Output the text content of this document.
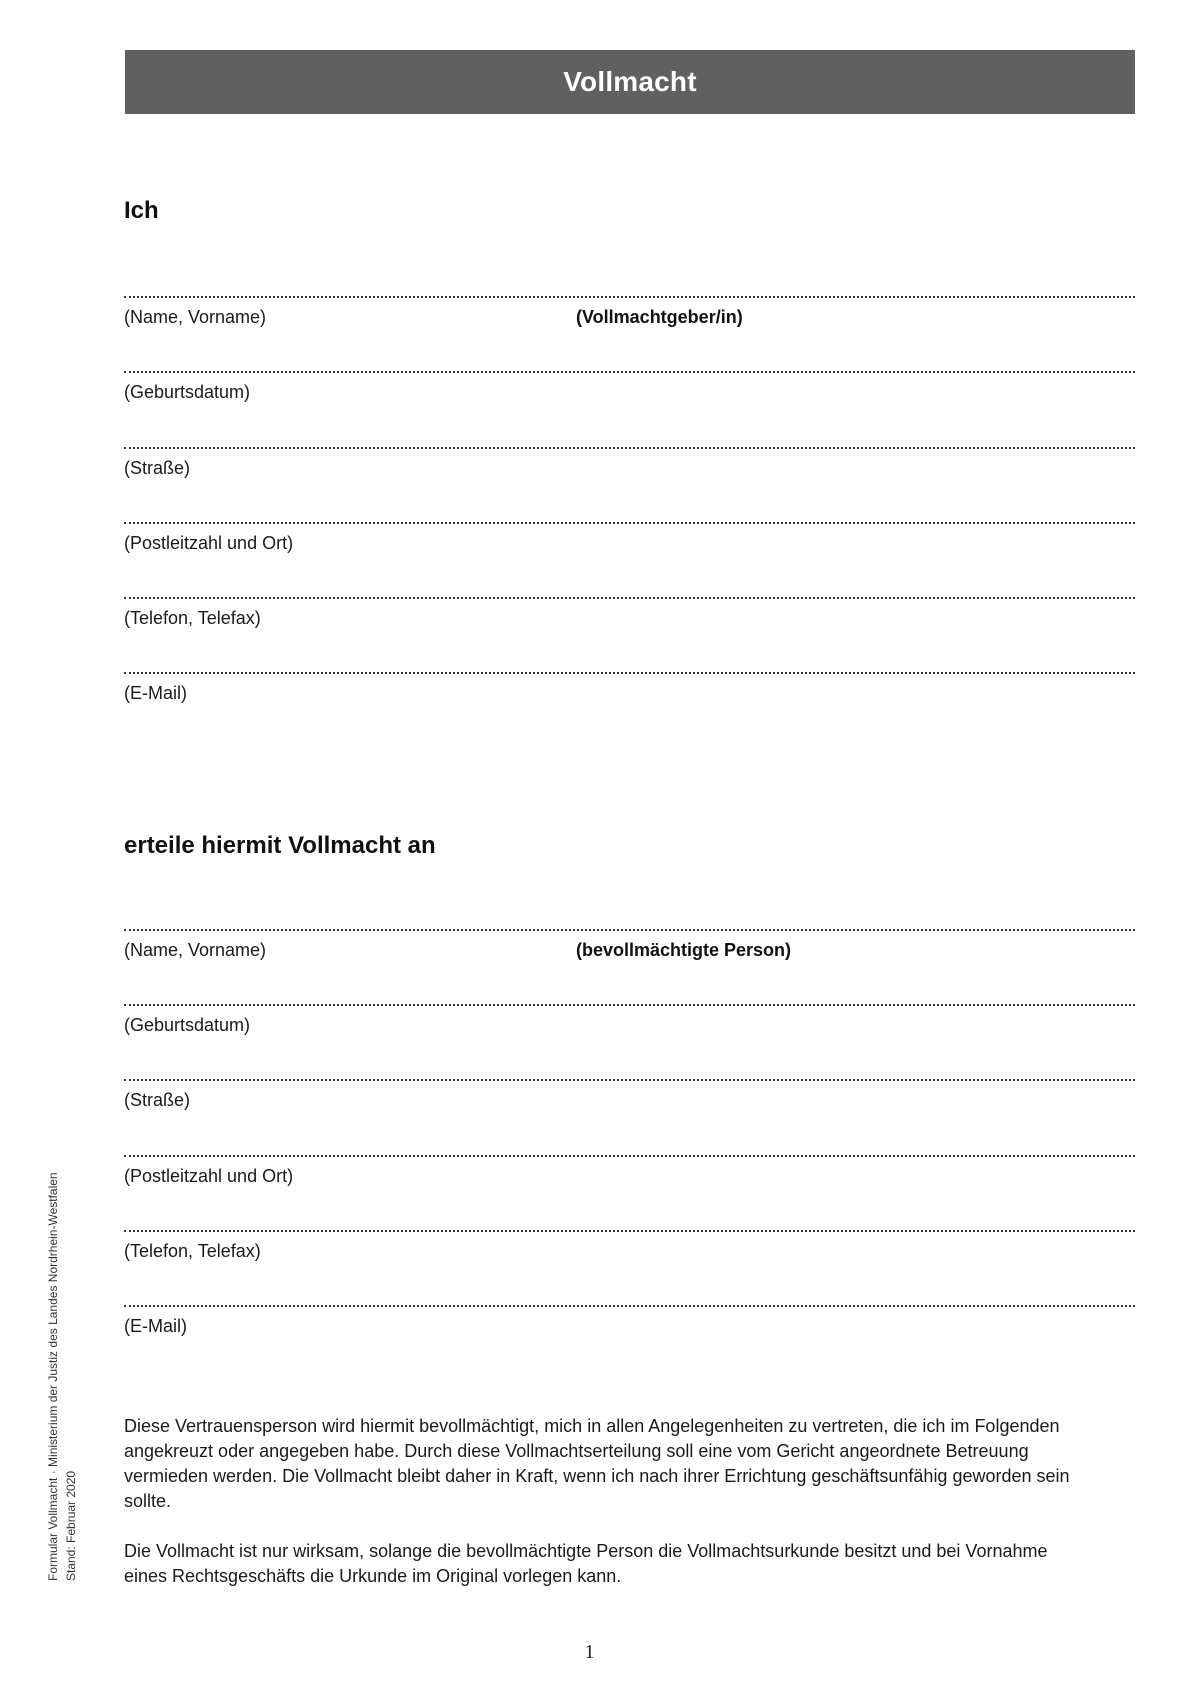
Vollmacht
Ich
(Name, Vorname)	(Vollmachtgeber/in)
(Geburtsdatum)
(Straße)
(Postleitzahl und Ort)
(Telefon, Telefax)
(E-Mail)
erteile hiermit Vollmacht an
(Name, Vorname)	(bevollmächtigte Person)
(Geburtsdatum)
(Straße)
(Postleitzahl und Ort)
(Telefon, Telefax)
(E-Mail)

Diese Vertrauensperson wird hiermit bevollmächtigt, mich in allen Angelegenheiten zu vertreten, die ich im Folgenden angekreuzt oder angegeben habe. Durch diese Vollmachtserteilung soll eine vom Gericht angeordnete Betreuung vermieden werden. Die Vollmacht bleibt daher in Kraft, wenn ich nach ihrer Errichtung geschäftsunfähig geworden sein sollte.

Die Vollmacht ist nur wirksam, solange die bevollmächtigte Person die Vollmachtsurkunde besitzt und bei Vornahme eines Rechtsgeschäfts die Urkunde im Original vorlegen kann.

Formular Vollmacht · Ministerium der Justiz des Landes Nordrhein-Westfalen Stand: Februar 2020
1
